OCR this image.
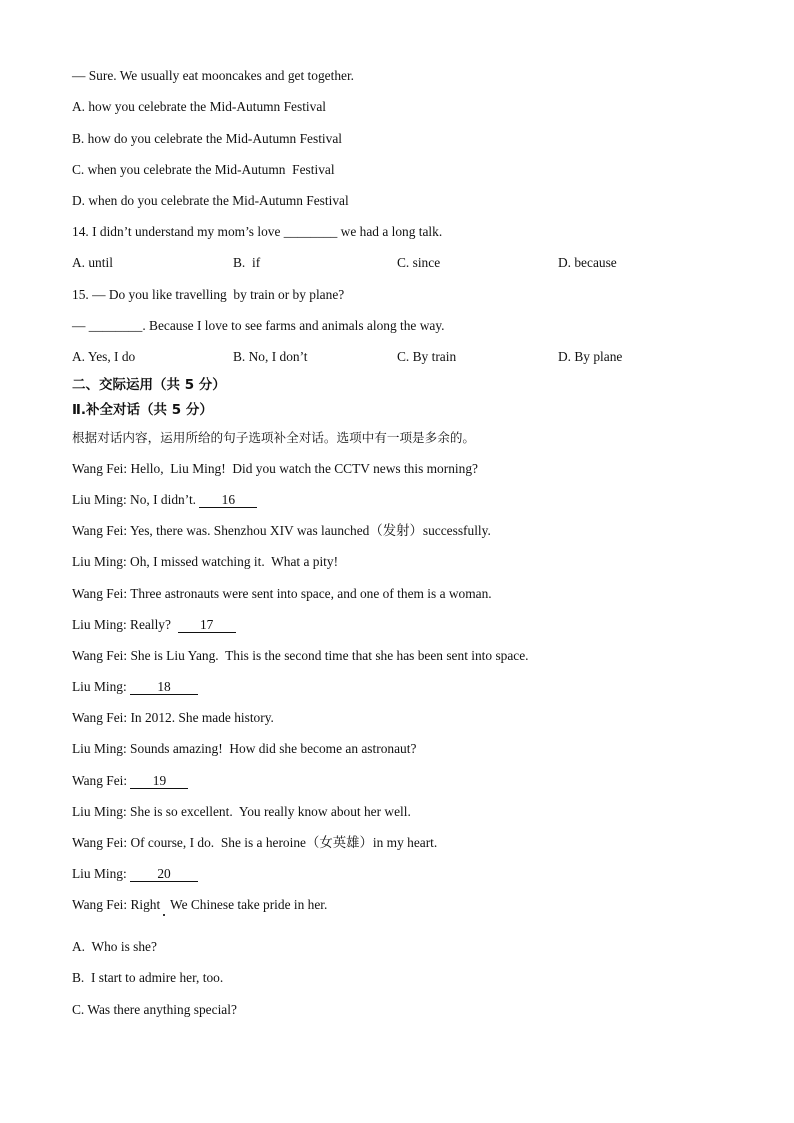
— Sure. We usually eat mooncakes and get together.
A. how you celebrate the Mid-Autumn Festival
B. how do you celebrate the Mid-Autumn Festival
C. when you celebrate the Mid-Autumn  Festival
D. when do you celebrate the Mid-Autumn Festival
14. I didn’t understand my mom’s love ________ we had a long talk.
A. until	B.  if	C. since	D. because
15. — Do you like travelling  by train or by plane?
— ________. Because I love to see farms and animals along the way.
A. Yes, I do	B. No, I don’t	C. By train	D. By plane
二、交际运用（共 5 分）
Ⅱ.补全对话（共 5 分）
根据对话内容，运用所给的句子选项补全对话。选项中有一项是多余的。
Wang Fei: Hello,  Liu Ming!  Did you watch the CCTV news this morning?
Liu Ming: No, I didn’t. 16
Wang Fei: Yes, there was. Shenzhou XIV was launched（发射）successfully.
Liu Ming: Oh, I missed watching it.  What a pity!
Wang Fei: Three astronauts were sent into space, and one of them is a woman.
Liu Ming: Really?  17
Wang Fei: She is Liu Yang.  This is the second time that she has been sent into space.
Liu Ming: 18
Wang Fei: In 2012. She made history.
Liu Ming: Sounds amazing!  How did she become an astronaut?
Wang Fei: 19
Liu Ming: She is so excellent.  You really know about her well.
Wang Fei: Of course, I do.  She is a heroine（女英雄）in my heart.
Liu Ming: 20
Wang Fei: Right   We Chinese take pride in her.
A.  Who is she?
B.  I start to admire her, too.
C. Was there anything special?
